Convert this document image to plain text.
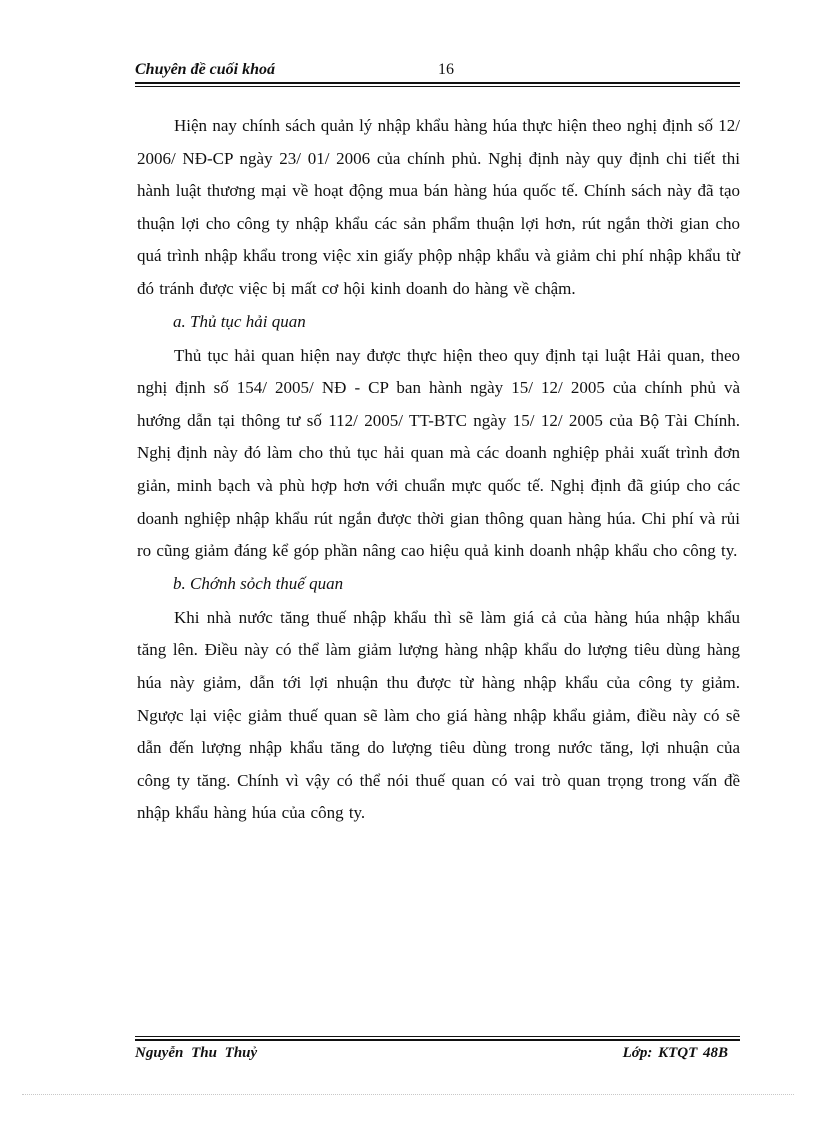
Chuyên đề cuối khoá	16

Hiện nay chính sách quản lý nhập khẩu hàng húa thực hiện theo nghị định số 12/ 2006/ NĐ-CP ngày 23/ 01/ 2006 của chính phủ. Nghị định này quy định chi tiết thi hành luật thương mại về hoạt động mua bán hàng húa quốc tế. Chính sách này đã tạo thuận lợi cho công ty nhập khẩu các sản phẩm thuận lợi hơn, rút ngắn thời gian cho quá trình nhập khẩu trong việc xin giấy phộp nhập khẩu và giảm chi phí nhập khẩu từ đó tránh được việc bị mất cơ hội kinh doanh do hàng về chậm.

a. Thủ tục hải quan

Thủ tục hải quan hiện nay được thực hiện theo quy định tại luật Hải quan, theo nghị định số 154/ 2005/ NĐ - CP ban hành ngày 15/ 12/ 2005 của chính phủ và hướng dẫn tại thông tư số 112/ 2005/ TT-BTC ngày 15/ 12/ 2005 của Bộ Tài Chính. Nghị định này đó làm cho thủ tục hải quan mà các doanh nghiệp phải xuất trình đơn giản, minh bạch và phù hợp hơn với chuẩn mực quốc tế. Nghị định đã giúp cho các doanh nghiệp nhập khẩu rút ngắn được thời gian thông quan hàng húa. Chi phí và rủi ro cũng giảm đáng kể góp phần nâng cao hiệu quả kinh doanh nhập khẩu cho công ty.

b. Chớnh sỏch thuế quan

Khi nhà nước tăng thuế nhập khẩu thì sẽ làm giá cả của hàng húa nhập khẩu tăng lên. Điều này có thể làm giảm lượng hàng nhập khẩu do lượng tiêu dùng hàng húa này giảm, dẫn tới lợi nhuận thu được từ hàng nhập khẩu của công ty giảm. Ngược lại việc giảm thuế quan sẽ làm cho giá hàng nhập khẩu giảm, điều này có sẽ dẫn đến lượng nhập khẩu tăng do lượng tiêu dùng trong nước tăng, lợi nhuận của công ty tăng. Chính vì vậy có thể nói thuế quan có vai trò quan trọng trong vấn đề nhập khẩu hàng húa của công ty.

Nguyễn Thu Thuỷ	Lớp: KTQT 48B
